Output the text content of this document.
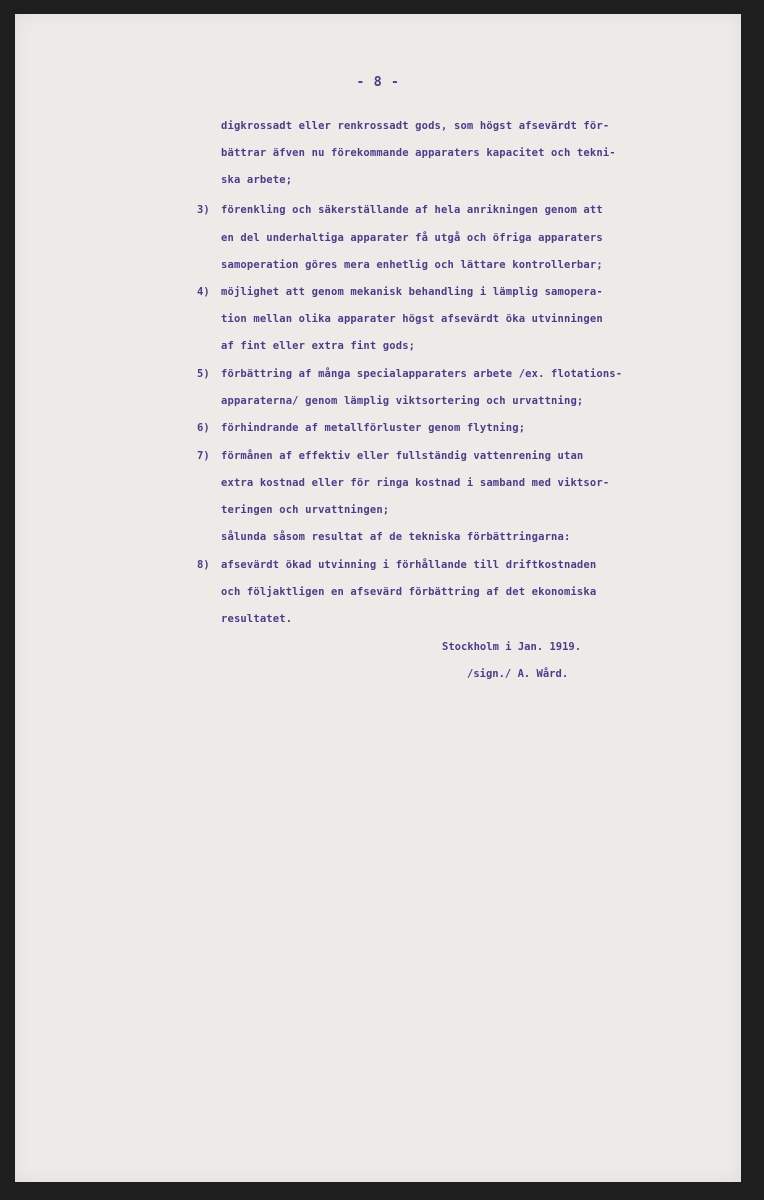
- 8 -
digkrossadt eller renkrossadt gods, som högst afsevärdt för-
bättrar äfven nu förekommande apparaters kapacitet och tekni-
ska arbete;
3) förenkling och säkerställande af hela anrikningen genom att
en del underhaltiga apparater få utgå och öfriga apparaters
samoperation göres mera enhetlig och lättare kontrollerbar;
4) möjlighet att genom mekanisk behandling i lämplig samopera-
tion mellan olika apparater högst afsevärdt öka utvinningen
af fint eller extra fint gods;
5) förbättring af många specialapparaters arbete /ex. flotations-
apparaterna/ genom lämplig viktsortering och urvattning;
6) förhindrande af metallförluster genom flytning;
7) förmånen af effektiv eller fullständig vattenrening utan
extra kostnad eller för ringa kostnad i samband med viktsor-
teringen och urvattningen;
sålunda såsom resultat af de tekniska förbättringarna:
8) afsevärdt ökad utvinning i förhållande till driftkostnaden
och följaktligen en afsevärd förbättring af det ekonomiska
resultatet.
Stockholm i Jan. 1919.
/sign./ A. Wård.
